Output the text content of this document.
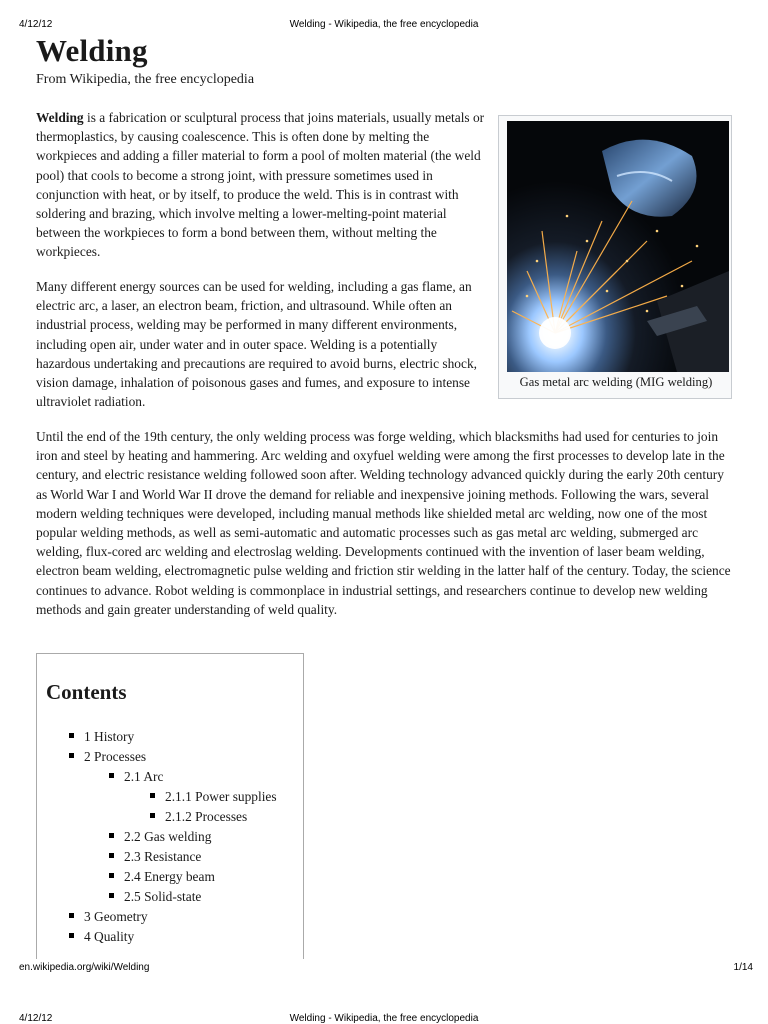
4/12/12	Welding - Wikipedia, the free encyclopedia
Welding
From Wikipedia, the free encyclopedia

Welding is a fabrication or sculptural process that joins materials, usually metals or thermoplastics, by causing coalescence. This is often done by melting the workpieces and adding a filler material to form a pool of molten material (the weld pool) that cools to become a strong joint, with pressure sometimes used in conjunction with heat, or by itself, to produce the weld. This is in contrast with soldering and brazing, which involve melting a lower-melting-point material between the workpieces to form a bond between them, without melting the workpieces.

Many different energy sources can be used for welding, including a gas flame, an electric arc, a laser, an electron beam, friction, and ultrasound. While often an industrial process, welding may be performed in many different environments, including open air, under water and in outer space. Welding is a potentially hazardous undertaking and precautions are required to avoid burns, electric shock, vision damage, inhalation of poisonous gases and fumes, and exposure to intense ultraviolet radiation.

Gas metal arc welding (MIG welding)

Until the end of the 19th century, the only welding process was forge welding, which blacksmiths had used for centuries to join iron and steel by heating and hammering. Arc welding and oxyfuel welding were among the first processes to develop late in the century, and electric resistance welding followed soon after. Welding technology advanced quickly during the early 20th century as World War I and World War II drove the demand for reliable and inexpensive joining methods. Following the wars, several modern welding techniques were developed, including manual methods like shielded metal arc welding, now one of the most popular welding methods, as well as semi-automatic and automatic processes such as gas metal arc welding, submerged arc welding, flux-cored arc welding and electroslag welding. Developments continued with the invention of laser beam welding, electron beam welding, electromagnetic pulse welding and friction stir welding in the latter half of the century. Today, the science continues to advance. Robot welding is commonplace in industrial settings, and researchers continue to develop new welding methods and gain greater understanding of weld quality.

Contents
1 History
2 Processes
2.1 Arc
2.1.1 Power supplies
2.1.2 Processes
2.2 Gas welding
2.3 Resistance
2.4 Energy beam
2.5 Solid-state
3 Geometry
4 Quality
en.wikipedia.org/wiki/Welding	1/14
4/12/12	Welding - Wikipedia, the free encyclopedia
